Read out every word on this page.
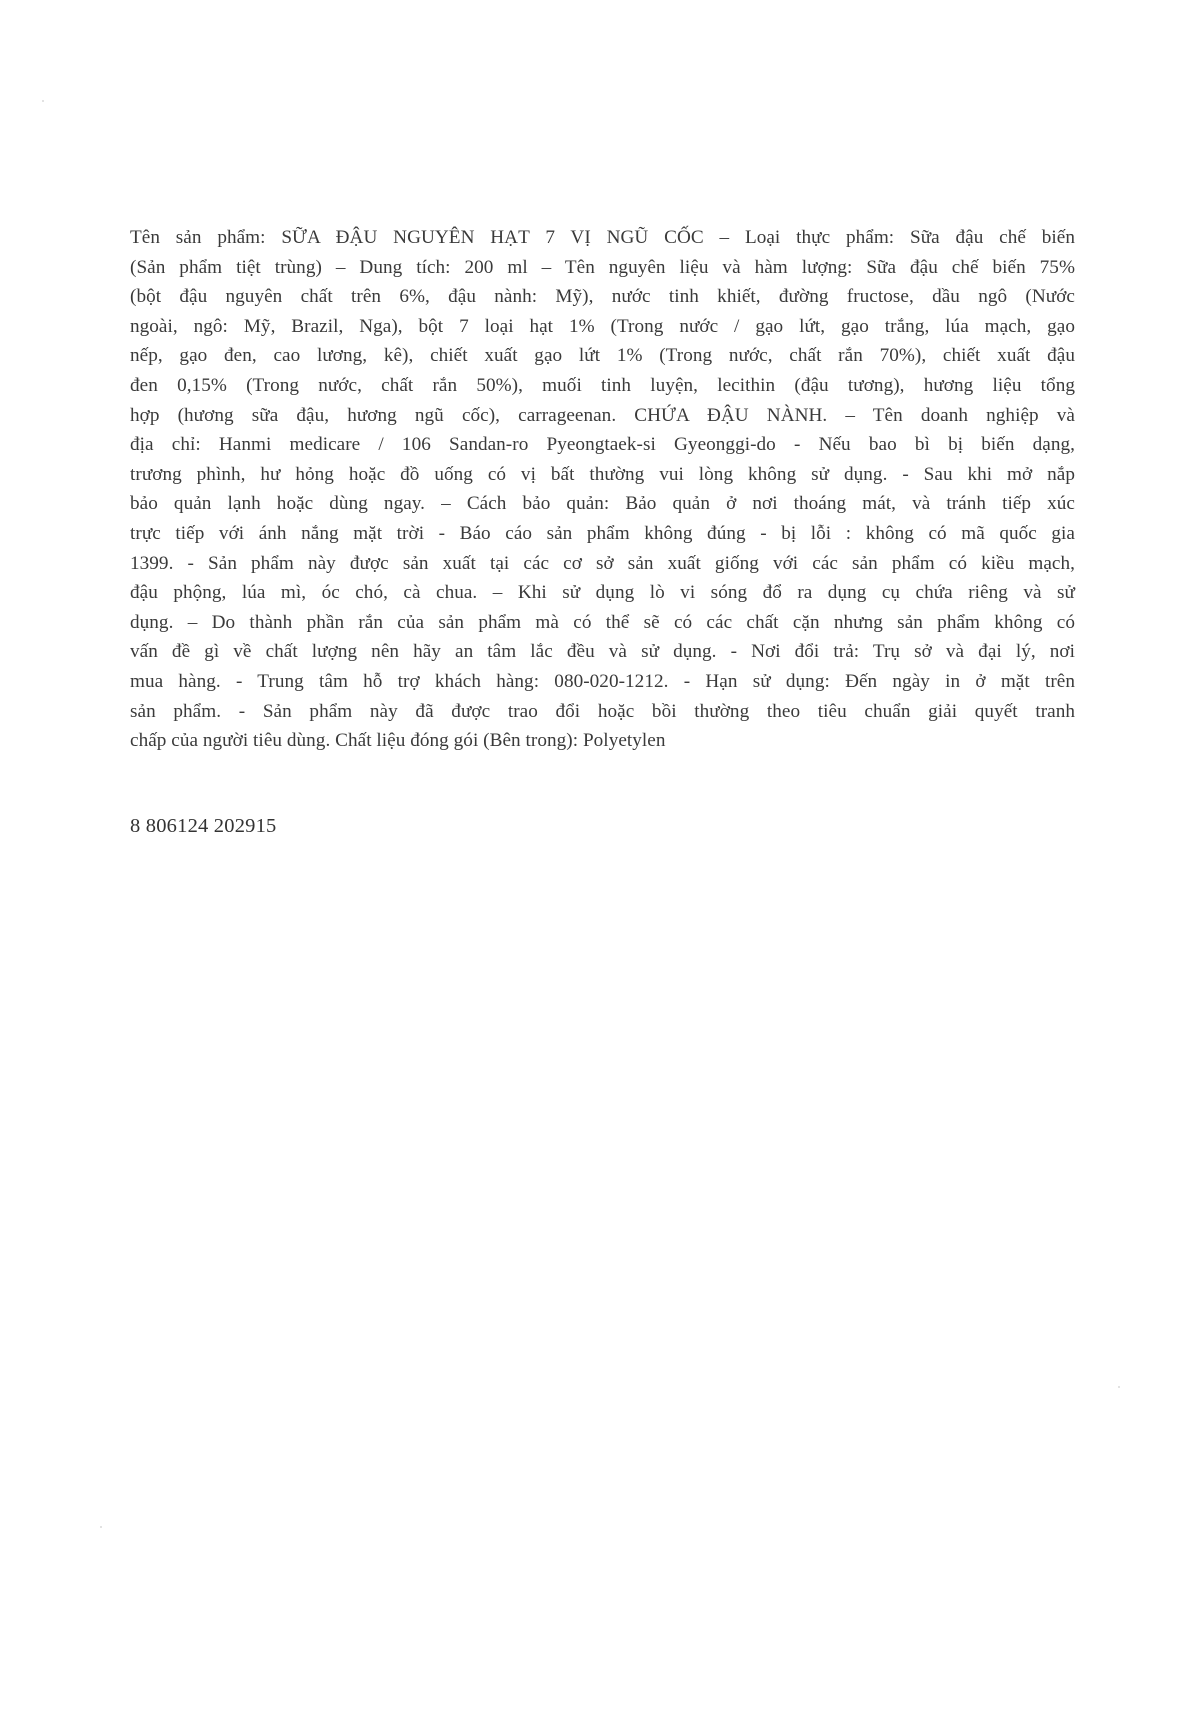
Tên sản phẩm: SỮA ĐẬU NGUYÊN HẠT 7 VỊ NGŨ CỐC – Loại thực phẩm: Sữa đậu chế biến
(Sản phẩm tiệt trùng) – Dung tích: 200 ml – Tên nguyên liệu và hàm lượng: Sữa đậu chế biến 75%
(bột đậu nguyên chất trên 6%, đậu nành: Mỹ), nước tinh khiết, đường fructose, dầu ngô (Nước
ngoài, ngô: Mỹ, Brazil, Nga), bột 7 loại hạt 1% (Trong nước / gạo lứt, gạo trắng, lúa mạch, gạo
nếp, gạo đen, cao lương, kê), chiết xuất gạo lứt 1% (Trong nước, chất rắn 70%), chiết xuất đậu
đen 0,15% (Trong nước, chất rắn 50%), muối tinh luyện, lecithin (đậu tương), hương liệu tổng
hợp (hương sữa đậu, hương ngũ cốc), carrageenan. CHỨA ĐẬU NÀNH. – Tên doanh nghiệp và
địa chỉ: Hanmi medicare / 106 Sandan-ro Pyeongtaek-si Gyeonggi-do - Nếu bao bì bị biến dạng,
trương phình, hư hỏng hoặc đồ uống có vị bất thường vui lòng không sử dụng. - Sau khi mở nắp
bảo quản lạnh hoặc dùng ngay. – Cách bảo quản: Bảo quản ở nơi thoáng mát, và tránh tiếp xúc
trực tiếp với ánh nắng mặt trời - Báo cáo sản phẩm không đúng - bị lỗi : không có mã quốc gia
1399. - Sản phẩm này được sản xuất tại các cơ sở sản xuất giống với các sản phẩm có kiều mạch,
đậu phộng, lúa mì, óc chó, cà chua. – Khi sử dụng lò vi sóng đổ ra dụng cụ chứa riêng và sử
dụng. – Do thành phần rắn của sản phẩm mà có thể sẽ có các chất cặn nhưng sản phẩm không có
vấn đề gì về chất lượng nên hãy an tâm lắc đều và sử dụng. - Nơi đổi trả: Trụ sở và đại lý, nơi
mua hàng. - Trung tâm hỗ trợ khách hàng: 080-020-1212. - Hạn sử dụng: Đến ngày in ở mặt trên
sản phẩm. - Sản phẩm này đã được trao đổi hoặc bồi thường theo tiêu chuẩn giải quyết tranh
chấp của người tiêu dùng. Chất liệu đóng gói (Bên trong): Polyetylen

8 806124 202915
